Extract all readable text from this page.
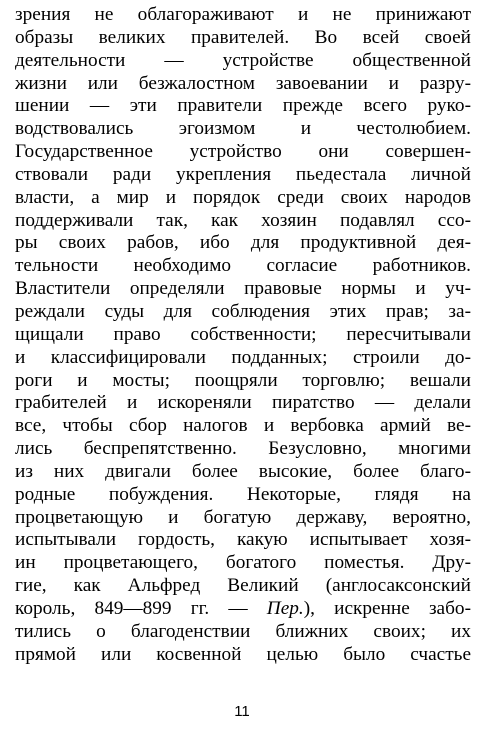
зрения не облагораживают и не принижают
образы великих правителей. Во всей своей
деятельности — устройстве общественной
жизни или безжалостном завоевании и разру-
шении — эти правители прежде всего руко-
водствовались эгоизмом и честолюбием.
Государственное устройство они совершен-
ствовали ради укрепления пьедестала личной
власти, а мир и порядок среди своих народов
поддерживали так, как хозяин подавлял ссо-
ры своих рабов, ибо для продуктивной дея-
тельности необходимо согласие работников.
Властители определяли правовые нормы и уч-
реждали суды для соблюдения этих прав; за-
щищали право собственности; пересчитывали
и классифицировали подданных; строили до-
роги и мосты; поощряли торговлю; вешали
грабителей и искореняли пиратство — делали
все, чтобы сбор налогов и вербовка армий ве-
лись беспрепятственно. Безусловно, многими
из них двигали более высокие, более благо-
родные побуждения. Некоторые, глядя на
процветающую и богатую державу, вероятно,
испытывали гордость, какую испытывает хозя-
ин процветающего, богатого поместья. Дру-
гие, как Альфред Великий (англосаксонский
король, 849—899 гг. — Пер.), искренне забо-
тились о благоденствии ближних своих; их
прямой или косвенной целью было счастье
11
